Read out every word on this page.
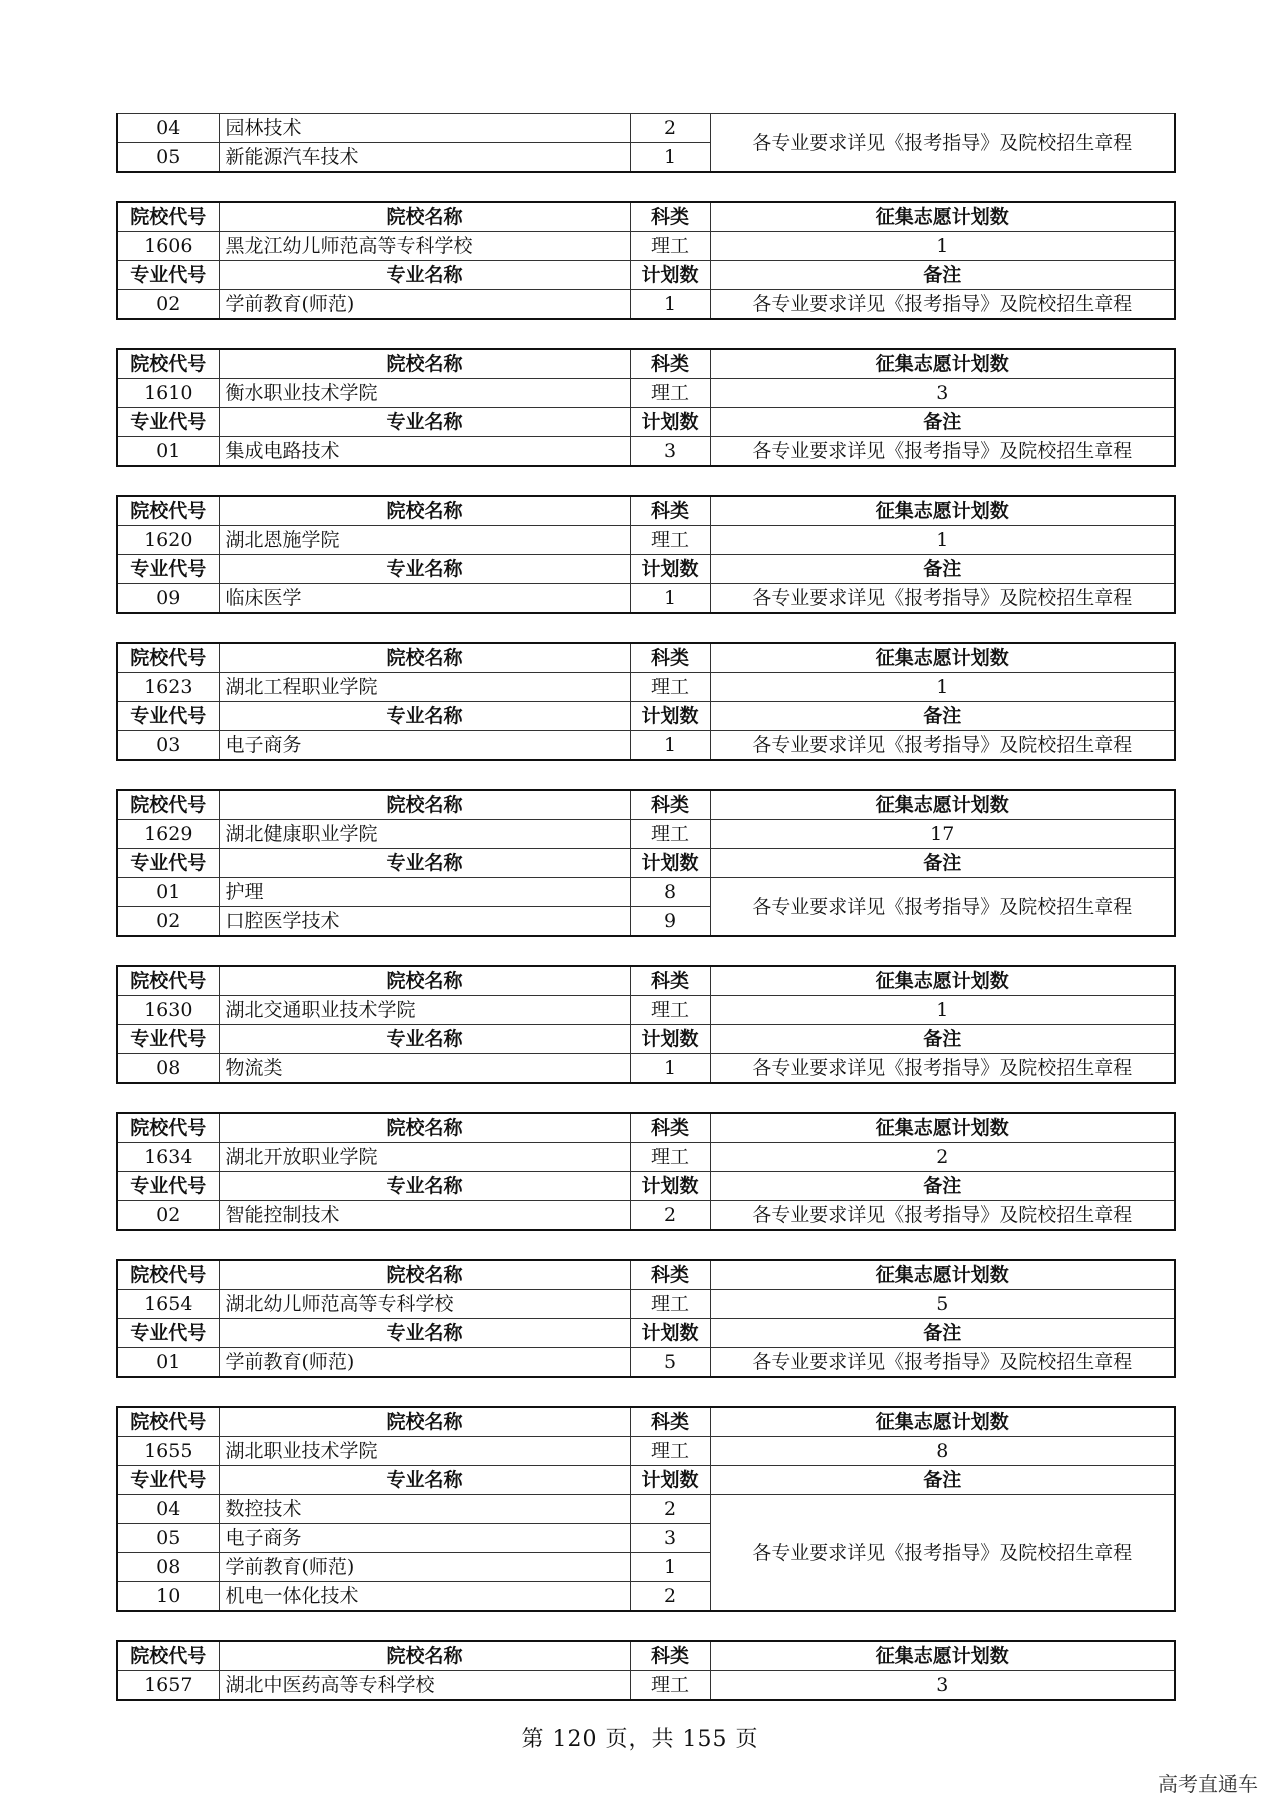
04	园林技术	2	各专业要求详见《报考指导》及院校招生章程
05	新能源汽车技术	1	
院校代号	院校名称	科类	征集志愿计划数
1606	黑龙江幼儿师范高等专科学校	理工	1
专业代号	专业名称	计划数	备注
02	学前教育(师范)	1	各专业要求详见《报考指导》及院校招生章程
院校代号	院校名称	科类	征集志愿计划数
1610	衡水职业技术学院	理工	3
专业代号	专业名称	计划数	备注
01	集成电路技术	3	各专业要求详见《报考指导》及院校招生章程
院校代号	院校名称	科类	征集志愿计划数
1620	湖北恩施学院	理工	1
专业代号	专业名称	计划数	备注
09	临床医学	1	各专业要求详见《报考指导》及院校招生章程
院校代号	院校名称	科类	征集志愿计划数
1623	湖北工程职业学院	理工	1
专业代号	专业名称	计划数	备注
03	电子商务	1	各专业要求详见《报考指导》及院校招生章程
院校代号	院校名称	科类	征集志愿计划数
1629	湖北健康职业学院	理工	17
专业代号	专业名称	计划数	备注
01	护理	8	各专业要求详见《报考指导》及院校招生章程
02	口腔医学技术	9	
院校代号	院校名称	科类	征集志愿计划数
1630	湖北交通职业技术学院	理工	1
专业代号	专业名称	计划数	备注
08	物流类	1	各专业要求详见《报考指导》及院校招生章程
院校代号	院校名称	科类	征集志愿计划数
1634	湖北开放职业学院	理工	2
专业代号	专业名称	计划数	备注
02	智能控制技术	2	各专业要求详见《报考指导》及院校招生章程
院校代号	院校名称	科类	征集志愿计划数
1654	湖北幼儿师范高等专科学校	理工	5
专业代号	专业名称	计划数	备注
01	学前教育(师范)	5	各专业要求详见《报考指导》及院校招生章程
院校代号	院校名称	科类	征集志愿计划数
1655	湖北职业技术学院	理工	8
专业代号	专业名称	计划数	备注
04	数控技术	2	各专业要求详见《报考指导》及院校招生章程
05	电子商务	3	
08	学前教育(师范)	1	
10	机电一体化技术	2	
院校代号	院校名称	科类	征集志愿计划数
1657	湖北中医药高等专科学校	理工	3
第 120 页，共 155 页
高考直通车
